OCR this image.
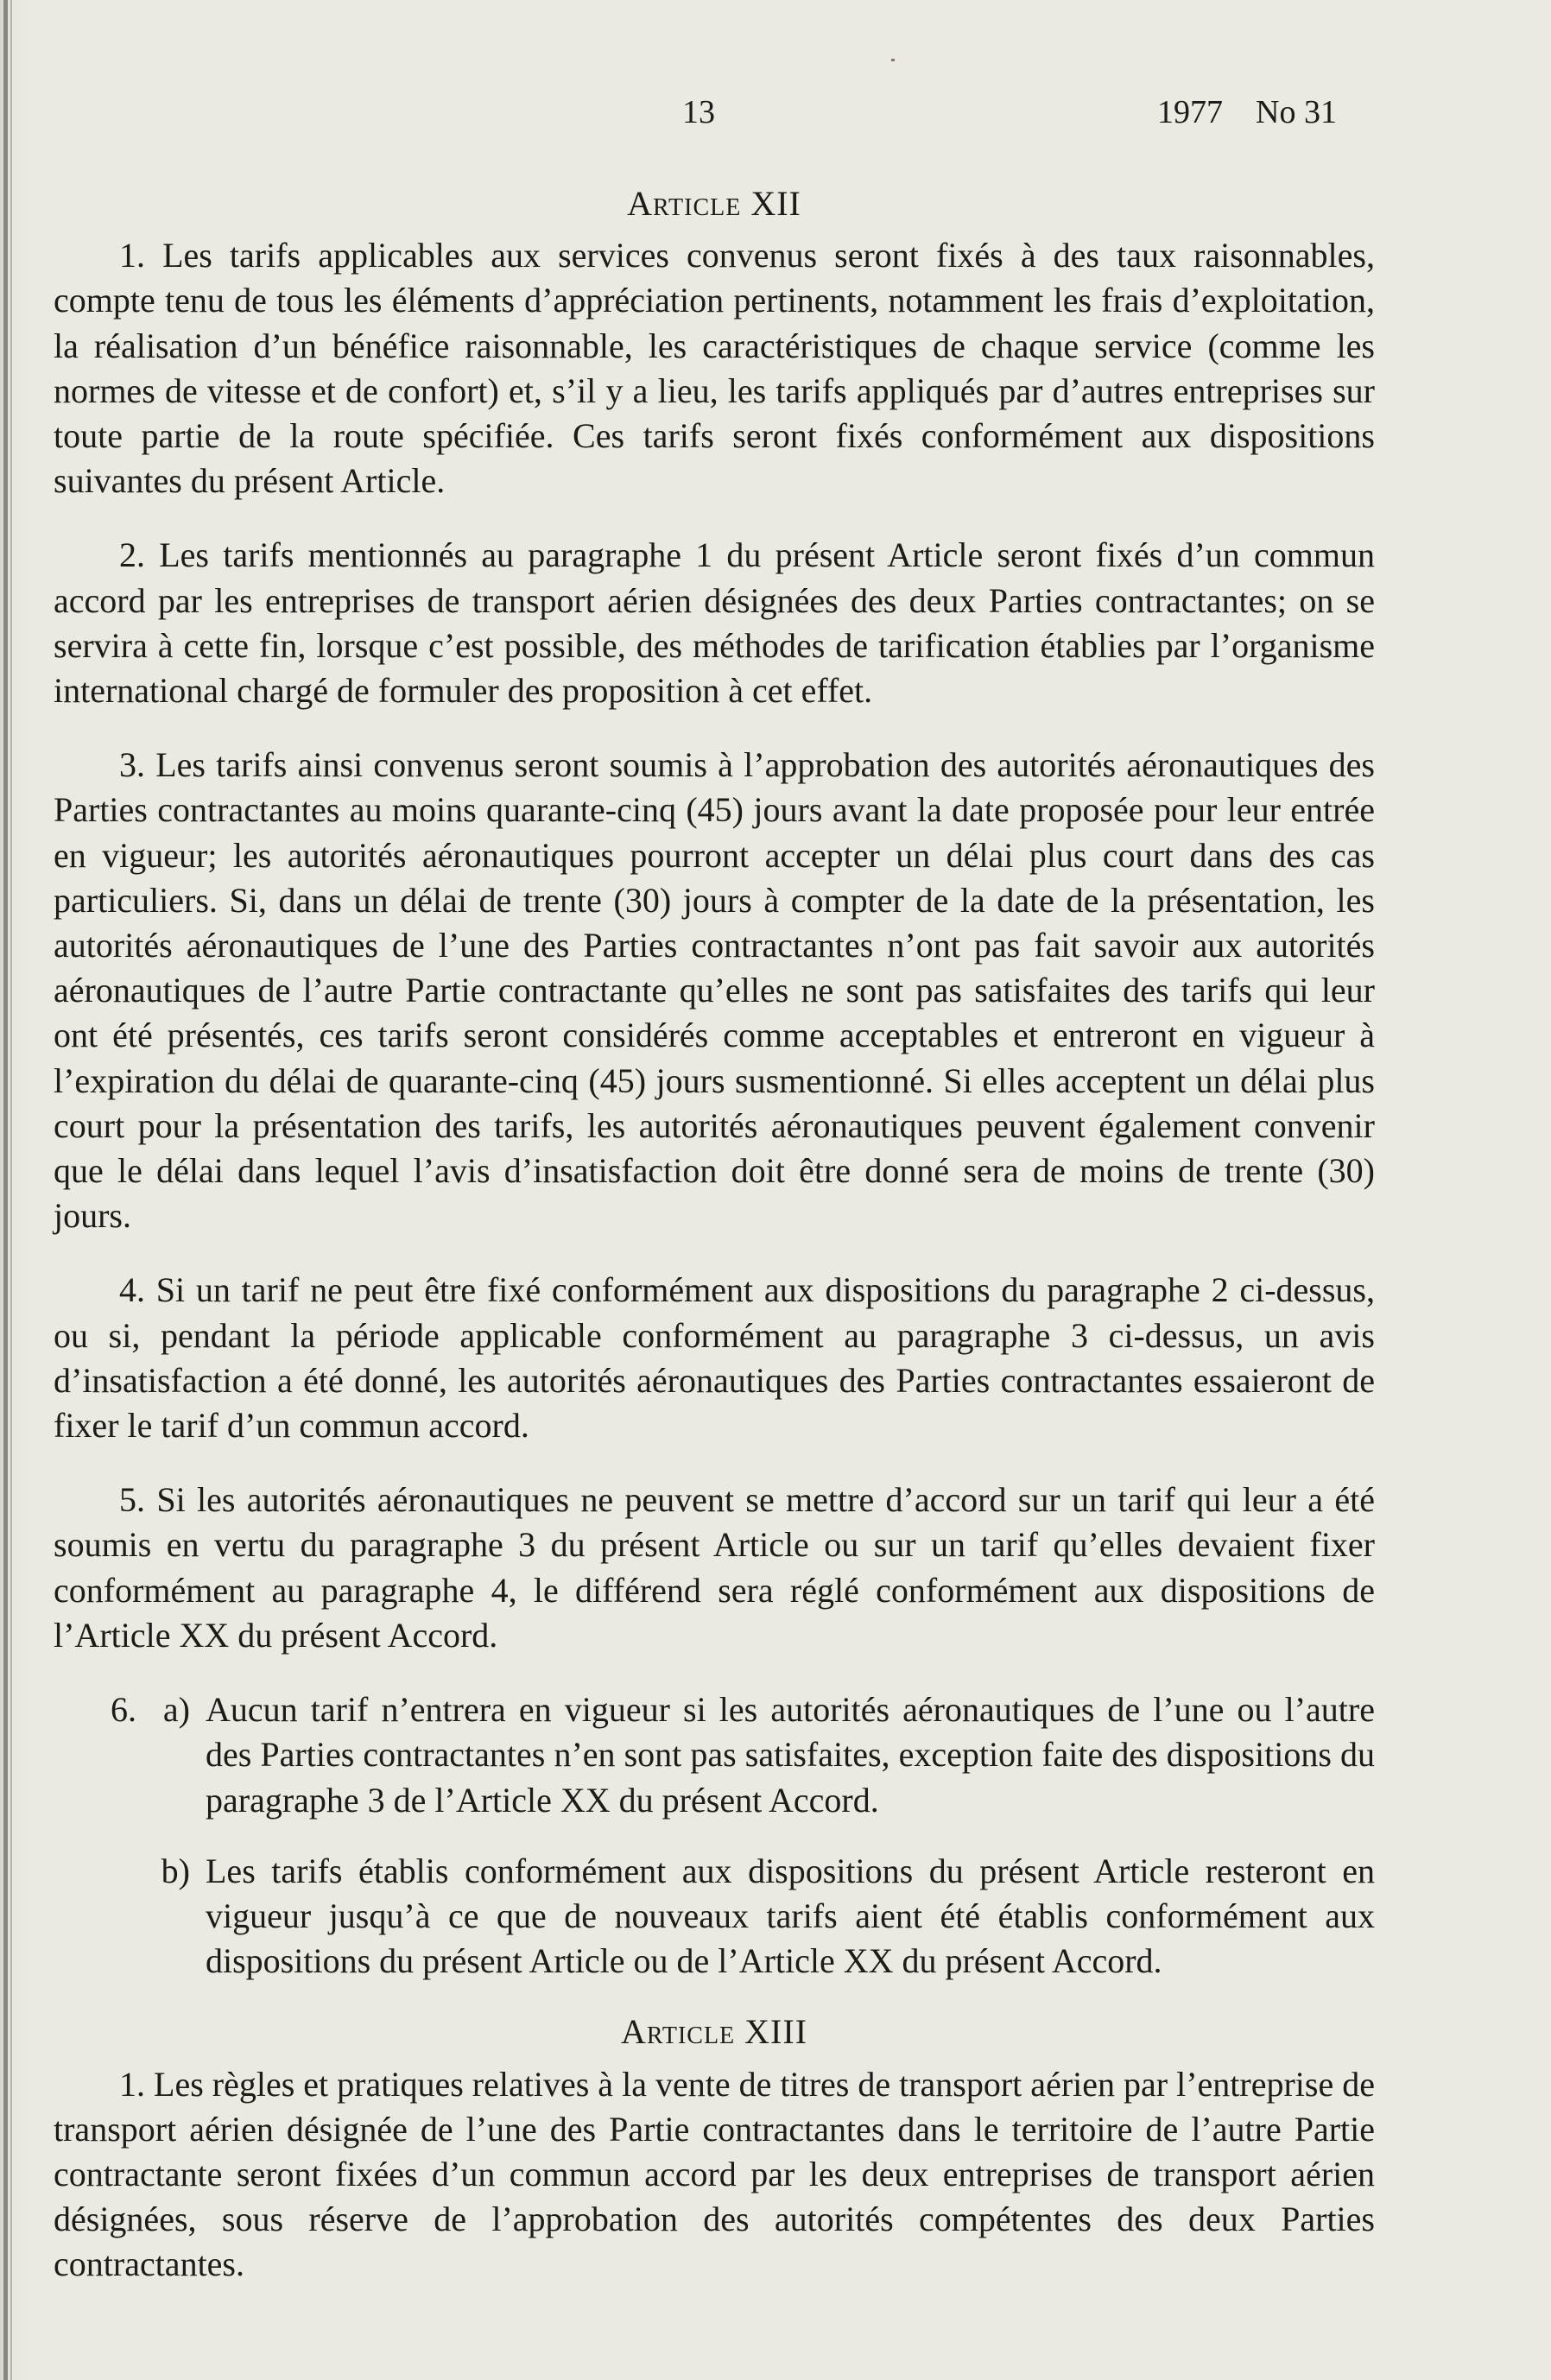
13	1977    No 31
Article XII

1. Les tarifs applicables aux services convenus seront fixés à des taux raisonnables, compte tenu de tous les éléments d’appréciation pertinents, notamment les frais d’exploitation, la réalisation d’un bénéfice raisonnable, les caractéristiques de chaque service (comme les normes de vitesse et de confort) et, s’il y a lieu, les tarifs appliqués par d’autres entreprises sur toute partie de la route spécifiée. Ces tarifs seront fixés conformément aux dispositions suivantes du présent Article.

2. Les tarifs mentionnés au paragraphe 1 du présent Article seront fixés d’un commun accord par les entreprises de transport aérien désignées des deux Parties contractantes; on se servira à cette fin, lorsque c’est possible, des méthodes de tarification établies par l’organisme international chargé de formuler des proposition à cet effet.

3. Les tarifs ainsi convenus seront soumis à l’approbation des autorités aéronautiques des Parties contractantes au moins quarante-cinq (45) jours avant la date proposée pour leur entrée en vigueur; les autorités aéronautiques pourront accepter un délai plus court dans des cas particuliers. Si, dans un délai de trente (30) jours à compter de la date de la présentation, les autorités aéronautiques de l’une des Parties contractantes n’ont pas fait savoir aux autorités aéronautiques de l’autre Partie contractante qu’elles ne sont pas satisfaites des tarifs qui leur ont été présentés, ces tarifs seront considérés comme acceptables et entreront en vigueur à l’expiration du délai de quarante-cinq (45) jours susmentionné. Si elles acceptent un délai plus court pour la présentation des tarifs, les autorités aéronautiques peuvent également convenir que le délai dans lequel l’avis d’insatisfaction doit être donné sera de moins de trente (30) jours.

4. Si un tarif ne peut être fixé conformément aux dispositions du paragraphe 2 ci-dessus, ou si, pendant la période applicable conformément au paragraphe 3 ci-dessus, un avis d’insatisfaction a été donné, les autorités aéronautiques des Parties contractantes essaieront de fixer le tarif d’un commun accord.

5. Si les autorités aéronautiques ne peuvent se mettre d’accord sur un tarif qui leur a été soumis en vertu du paragraphe 3 du présent Article ou sur un tarif qu’elles devaient fixer conformément au paragraphe 4, le différend sera réglé conformément aux dispositions de l’Article XX du présent Accord.

6. a) Aucun tarif n’entrera en vigueur si les autorités aéronautiques de l’une ou l’autre des Parties contractantes n’en sont pas satisfaites, exception faite des dispositions du paragraphe 3 de l’Article XX du présent Accord.
b) Les tarifs établis conformément aux dispositions du présent Article resteront en vigueur jusqu’à ce que de nouveaux tarifs aient été établis conformément aux dispositions du présent Article ou de l’Article XX du présent Accord.
Article XIII

1. Les règles et pratiques relatives à la vente de titres de transport aérien par l’entreprise de transport aérien désignée de l’une des Partie contractantes dans le territoire de l’autre Partie contractante seront fixées d’un commun accord par les deux entreprises de transport aérien désignées, sous réserve de l’approbation des autorités compétentes des deux Parties contractantes.
